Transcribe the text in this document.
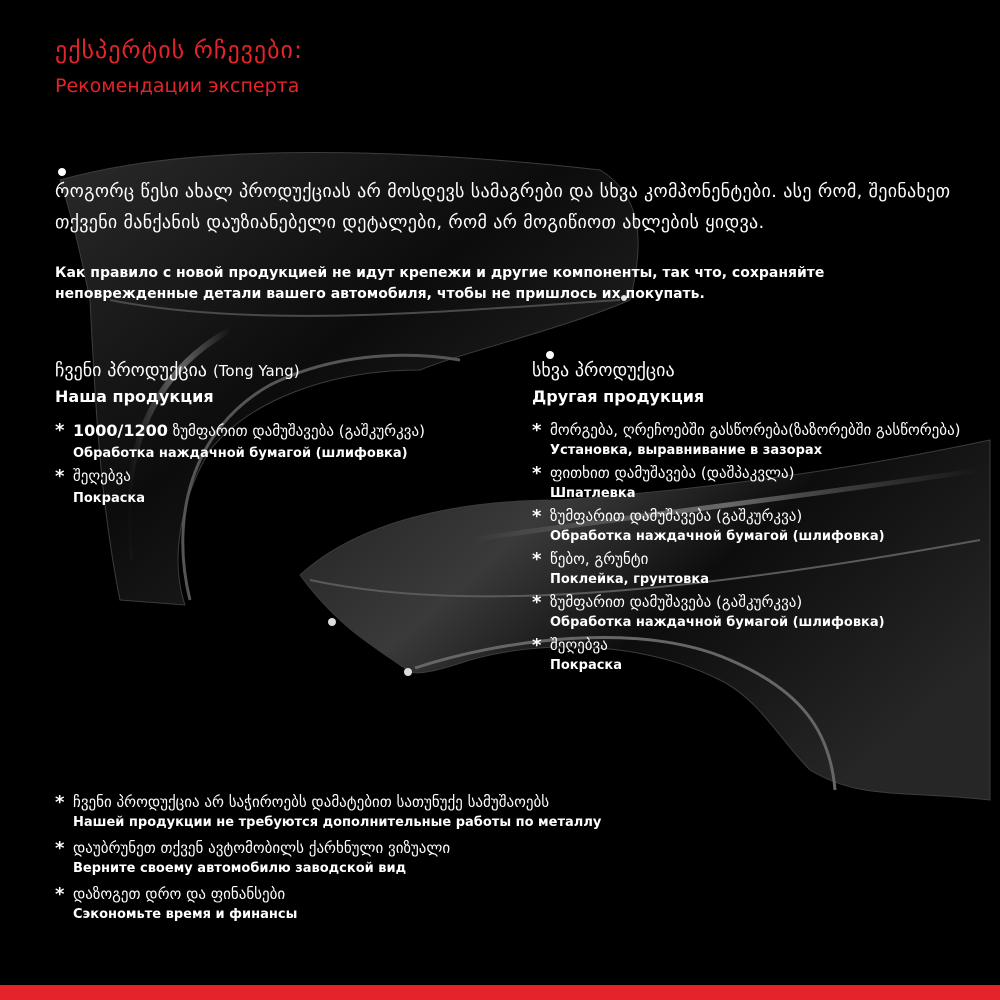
ექსპერტის რჩევები:
Рекомендации эксперта
როგორც წესი ახალ პროდუქციას არ მოსდევს სამაგრები და სხვა კომპონენტები. ასე რომ, შეინახეთ თქვენი მანქანის დაუზიანებელი დეტალები, რომ არ მოგიწიოთ ახლების ყიდვა.
Как правило с новой продукцией не идут крепежи и другие компоненты, так что, сохраняйте неповрежденные детали вашего автомобиля, чтобы не пришлось их покупать.
ჩვენი პროდუქცია (Tong Yang)
Наша продукция
* 1000/1200 ზუმფარით დამუშავება (გაშკურკვა)
Обработка наждачной бумагой (шлифовка)
* შეღებვა
Покраска
სხვა პროდუქცია
Другая продукция
* მორგება, ღრეჩოებში გასწორება(ზაზორებში გასწორება)
Установка, выравнивание в зазорах
* ფითხით დამუშავება (დაშპაკვლა)
Шпатлевка
* ზუმფარით დამუშავება (გაშკურკვა)
Обработка наждачной бумагой (шлифовка)
* წებო, გრუნტი
Поклейка, грунтовка
* ზუმფარით დამუშავება (გაშკურკვა)
Обработка наждачной бумагой (шлифовка)
* შეღებვა
Покраска
* ჩვენი პროდუქცია არ საჭიროებს დამატებით სათუნუქე სამუშაოებს
Нашей продукции не требуются дополнительные работы по металлу
* დაუბრუნეთ თქვენ ავტომობილს ქარხნული ვიზუალი
Верните своему автомобилю заводской вид
* დაზოგეთ დრო და ფინანსები
Сэкономьте время и финансы
